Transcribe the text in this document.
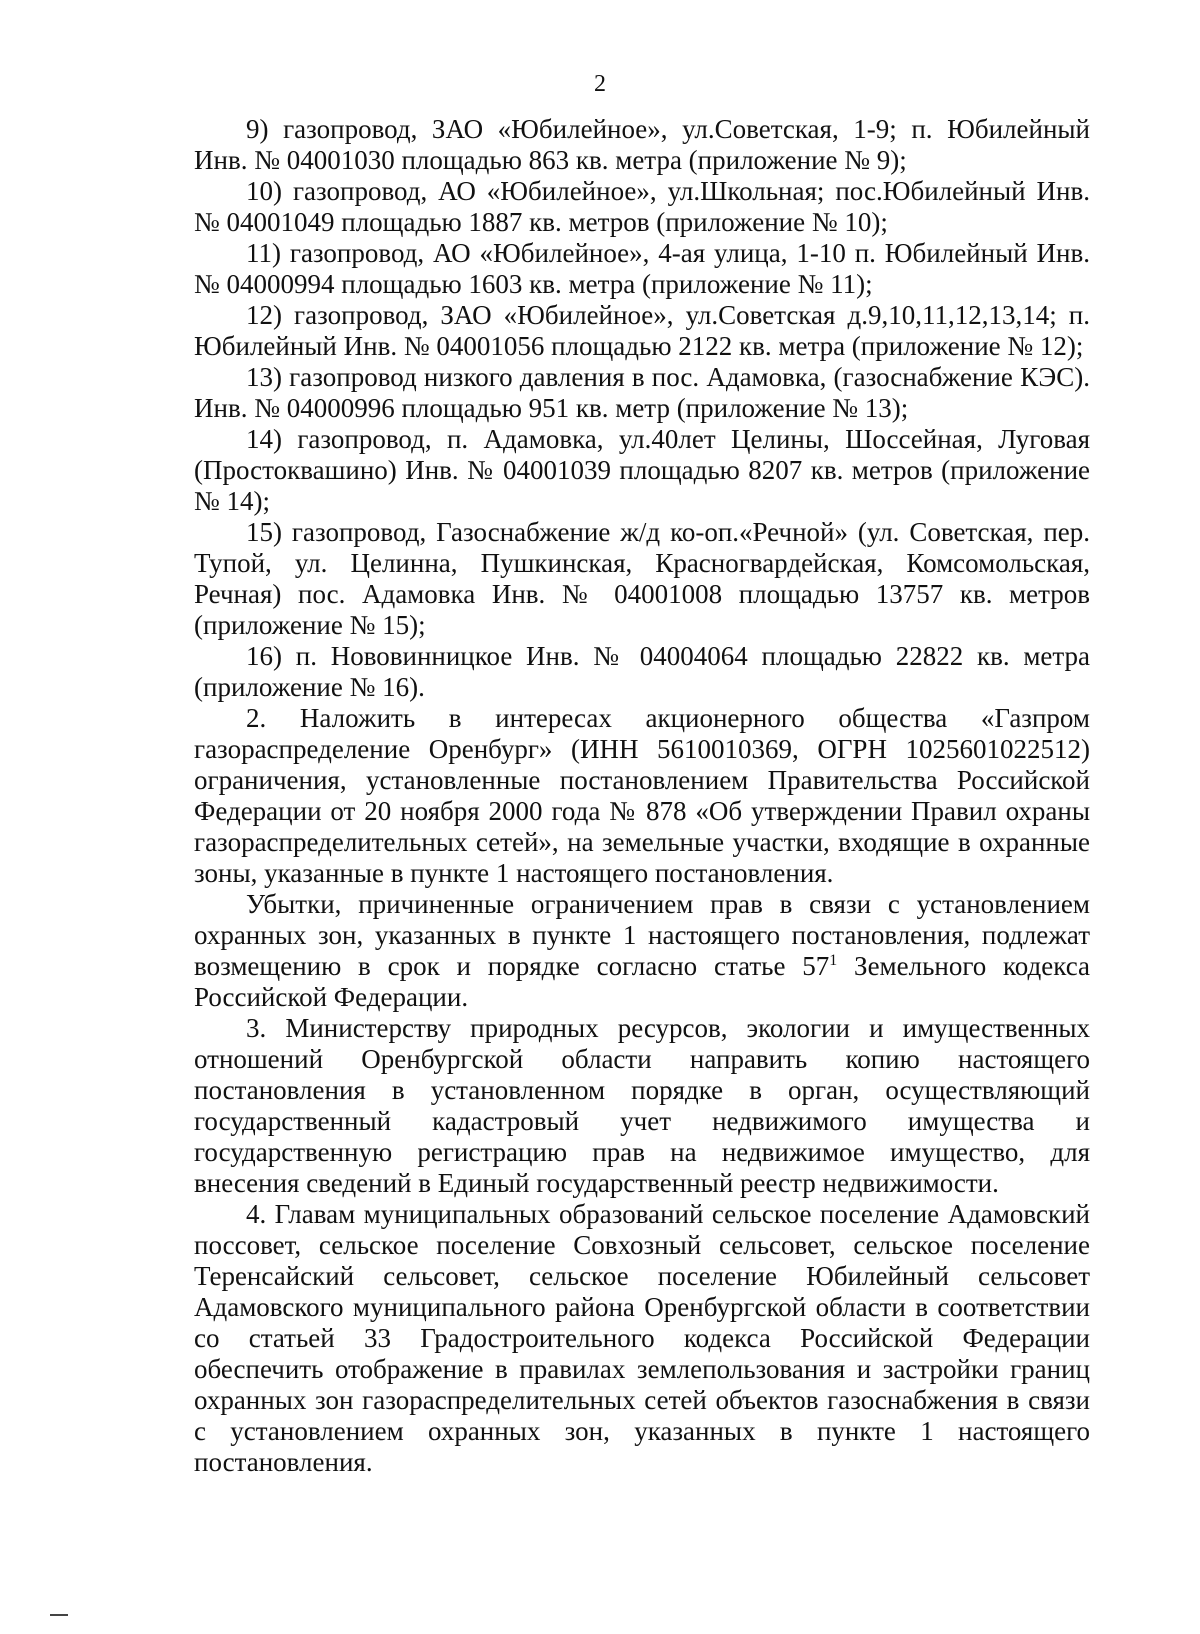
2

9) газопровод, ЗАО «Юбилейное», ул.Советская, 1-9; п. Юбилейный Инв. № 04001030 площадью 863 кв. метра (приложение № 9);

10) газопровод, АО «Юбилейное», ул.Школьная; пос.Юбилейный Инв. № 04001049 площадью 1887 кв. метров (приложение № 10);

11) газопровод, АО «Юбилейное», 4-ая улица, 1-10 п. Юбилейный Инв. № 04000994 площадью 1603 кв. метра (приложение № 11);

12) газопровод, ЗАО «Юбилейное», ул.Советская д.9,10,11,12,13,14; п. Юбилейный Инв. № 04001056 площадью 2122 кв. метра (приложение № 12);

13) газопровод низкого давления в пос. Адамовка, (газоснабжение КЭС). Инв. № 04000996 площадью 951 кв. метр (приложение № 13);

14) газопровод, п. Адамовка, ул.40лет Целины, Шоссейная, Луговая (Простоквашино) Инв. № 04001039 площадью 8207 кв. метров (приложение № 14);

15) газопровод, Газоснабжение ж/д ко-оп.«Речной» (ул. Советская, пер. Тупой, ул. Целинна, Пушкинская, Красногвардейская, Комсомольская, Речная) пос. Адамовка Инв. № 04001008 площадью 13757 кв. метров (приложение № 15);

16) п. Нововинницкое Инв. № 04004064 площадью 22822 кв. метра (приложение № 16).

2. Наложить в интересах акционерного общества «Газпром газораспределение Оренбург» (ИНН 5610010369, ОГРН 1025601022512) ограничения, установленные постановлением Правительства Российской Федерации от 20 ноября 2000 года № 878 «Об утверждении Правил охраны газораспределительных сетей», на земельные участки, входящие в охранные зоны, указанные в пункте 1 настоящего постановления.

Убытки, причиненные ограничением прав в связи с установлением охранных зон, указанных в пункте 1 настоящего постановления, подлежат возмещению в срок и порядке согласно статье $57^1$ Земельного кодекса Российской Федерации.

3. Министерству природных ресурсов, экологии и имущественных отношений Оренбургской области направить копию настоящего постановления в установленном порядке в орган, осуществляющий государственный кадастровый учет недвижимого имущества и государственную регистрацию прав на недвижимое имущество, для внесения сведений в Единый государственный реестр недвижимости.

4. Главам муниципальных образований сельское поселение Адамовский поссовет, сельское поселение Совхозный сельсовет, сельское поселение Теренсайский сельсовет, сельское поселение Юбилейный сельсовет Адамовского муниципального района Оренбургской области в соответствии со статьей 33 Градостроительного кодекса Российской Федерации обеспечить отображение в правилах землепользования и застройки границ охранных зон газораспределительных сетей объектов газоснабжения в связи с установлением охранных зон, указанных в пункте 1 настоящего постановления.
